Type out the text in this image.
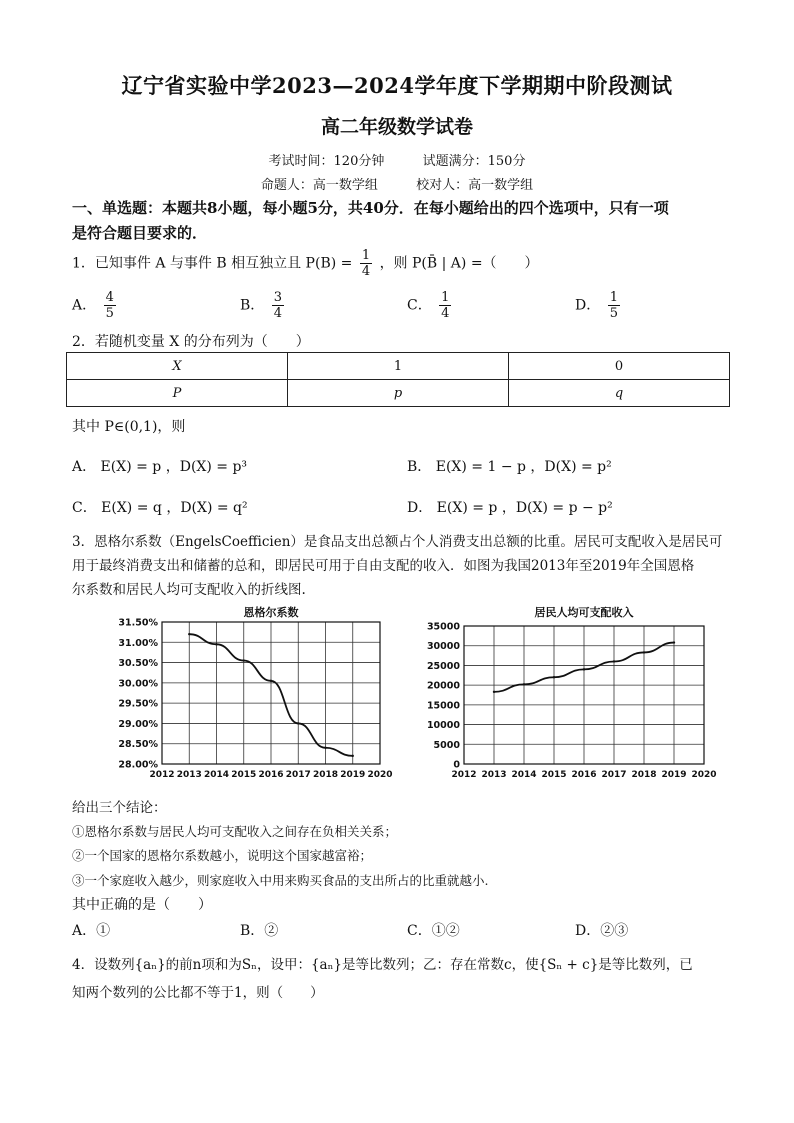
辽宁省实验中学2023—2024学年度下学期期中阶段测试
高二年级数学试卷
考试时间：120分钟	试题满分：150分
命题人：高一数学组	校对人：高一数学组
一、单选题：本题共8小题，每小题5分，共40分．在每小题给出的四个选项中，只有一项
是符合题目要求的．
1．已知事件 A 与事件 B 相互独立且 $P(B) = \frac{1}{4}$ ，则 P(B̄ | A) =（　　）
A． $\frac{4}{5}$	B． $\frac{3}{4}$	C． $\frac{1}{4}$	D． $\frac{1}{5}$
2．若随机变量 X 的分布列为（　　）
X	1	0
P	p	q
其中 P∈(0,1)，则
A． E(X) = p ，D(X) = p³	B． E(X) = 1 − p ，D(X) = p²
C． E(X) = q ，D(X) = q²	D． E(X) = p ，D(X) = p − p²
3．恩格尔系数（EngelsCoefficien）是食品支出总额占个人消费支出总额的比重。居民可支配收入是居民可
用于最终消费支出和储蓄的总和，即居民可用于自由支配的收入．如图为我国2013年至2019年全国恩格
尔系数和居民人均可支配收入的折线图.
恩格尔系数
31.50%
31.00%
30.50%
30.00%
29.50%
29.00%
28.50%
28.00%
2012 2013 2014 2015 2016 2017 2018 2019 2020
居民人均可支配收入
35000
30000
25000
20000
15000
10000
5000
0
2012 2013 2014 2015 2016 2017 2018 2019 2020
给出三个结论：
①恩格尔系数与居民人均可支配收入之间存在负相关关系；
②一个国家的恩格尔系数越小，说明这个国家越富裕；
③一个家庭收入越少，则家庭收入中用来购买食品的支出所占的比重就越小.
其中正确的是（　　）
A．①	B．②	C．①②	D．②③
4．设数列{aₙ}的前n项和为Sₙ，设甲：{aₙ}是等比数列；乙：存在常数c，使{Sₙ + c}是等比数列，已
知两个数列的公比都不等于1，则（　　）
